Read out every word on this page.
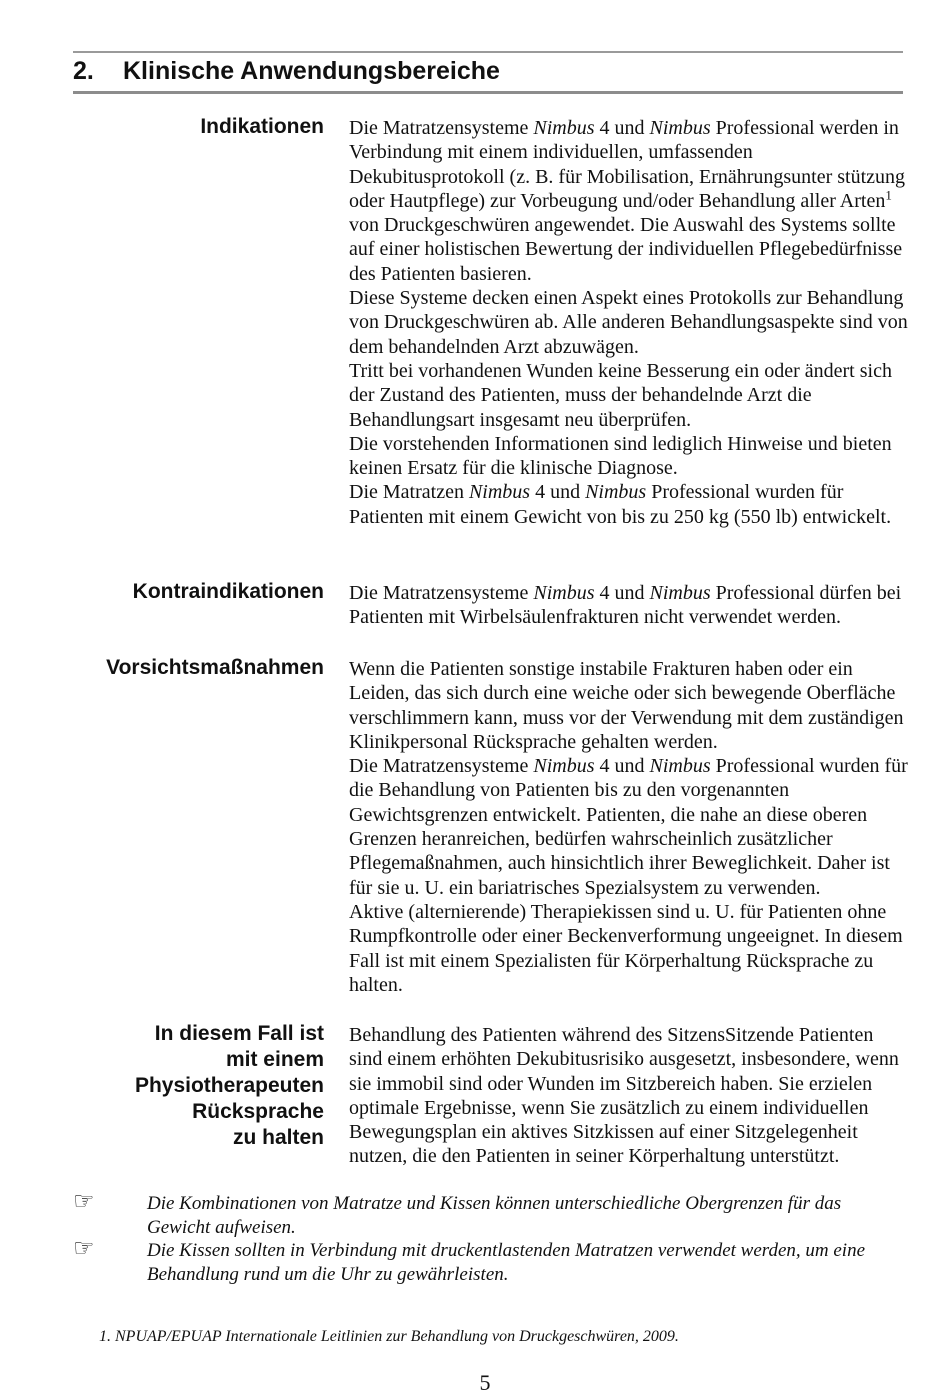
2. Klinische Anwendungsbereiche
Indikationen Die Matratzensysteme Nimbus 4 und Nimbus Professional werden in Verbindung mit einem individuellen, umfassenden Dekubitusprotokoll (z. B. für Mobilisation, Ernährungsunter stützung oder Hautpflege) zur Vorbeugung und/oder Behandlung aller Arten$^1$ von Druckgeschwüren angewendet. Die Auswahl des Systems sollte auf einer holistischen Bewertung der individuellen Pflegebedürfnisse des Patienten basieren.

Diese Systeme decken einen Aspekt eines Protokolls zur Behandlung von Druckgeschwüren ab. Alle anderen Behandlungsaspekte sind von dem behandelnden Arzt abzuwägen.

Tritt bei vorhandenen Wunden keine Besserung ein oder ändert sich der Zustand des Patienten, muss der behandelnde Arzt die Behandlungsart insgesamt neu überprüfen.

Die vorstehenden Informationen sind lediglich Hinweise und bieten keinen Ersatz für die klinische Diagnose.

Die Matratzen Nimbus 4 und Nimbus Professional wurden für Patienten mit einem Gewicht von bis zu 250 kg (550 lb) entwickelt.

Kontraindikationen Die Matratzensysteme Nimbus 4 und Nimbus Professional dürfen bei Patienten mit Wirbelsäulenfrakturen nicht verwendet werden.

Vorsichtsmaßnahmen Wenn die Patienten sonstige instabile Frakturen haben oder ein Leiden, das sich durch eine weiche oder sich bewegende Oberfläche verschlimmern kann, muss vor der Verwendung mit dem zuständigen Klinikpersonal Rücksprache gehalten werden.

Die Matratzensysteme Nimbus 4 und Nimbus Professional wurden für die Behandlung von Patienten bis zu den vorgenannten Gewichtsgrenzen entwickelt. Patienten, die nahe an diese oberen Grenzen heranreichen, bedürfen wahrscheinlich zusätzlicher Pflegemaßnahmen, auch hinsichtlich ihrer Beweglichkeit. Daher ist für sie u. U. ein bariatrisches Spezialsystem zu verwenden.

Aktive (alternierende) Therapiekissen sind u. U. für Patienten ohne Rumpfkontrolle oder einer Beckenverformung ungeeignet. In diesem Fall ist mit einem Spezialisten für Körperhaltung Rücksprache zu halten.

In diesem Fall ist
mit einem
Physiotherapeuten
Rücksprache
zu halten

Behandlung des Patienten während des SitzensSitzende Patienten sind einem erhöhten Dekubitusrisiko ausgesetzt, insbesondere, wenn sie immobil sind oder Wunden im Sitzbereich haben. Sie erzielen optimale Ergebnisse, wenn Sie zusätzlich zu einem individuellen Bewegungsplan ein aktives Sitzkissen auf einer Sitzgelegenheit nutzen, die den Patienten in seiner Körperhaltung unterstützt.

☞	Die Kombinationen von Matratze und Kissen können unterschiedliche Obergrenzen für das Gewicht aufweisen.
☞	Die Kissen sollten in Verbindung mit druckentlastenden Matratzen verwendet werden, um eine Behandlung rund um die Uhr zu gewährleisten.
1. NPUAP/EPUAP Internationale Leitlinien zur Behandlung von Druckgeschwüren, 2009.
5
